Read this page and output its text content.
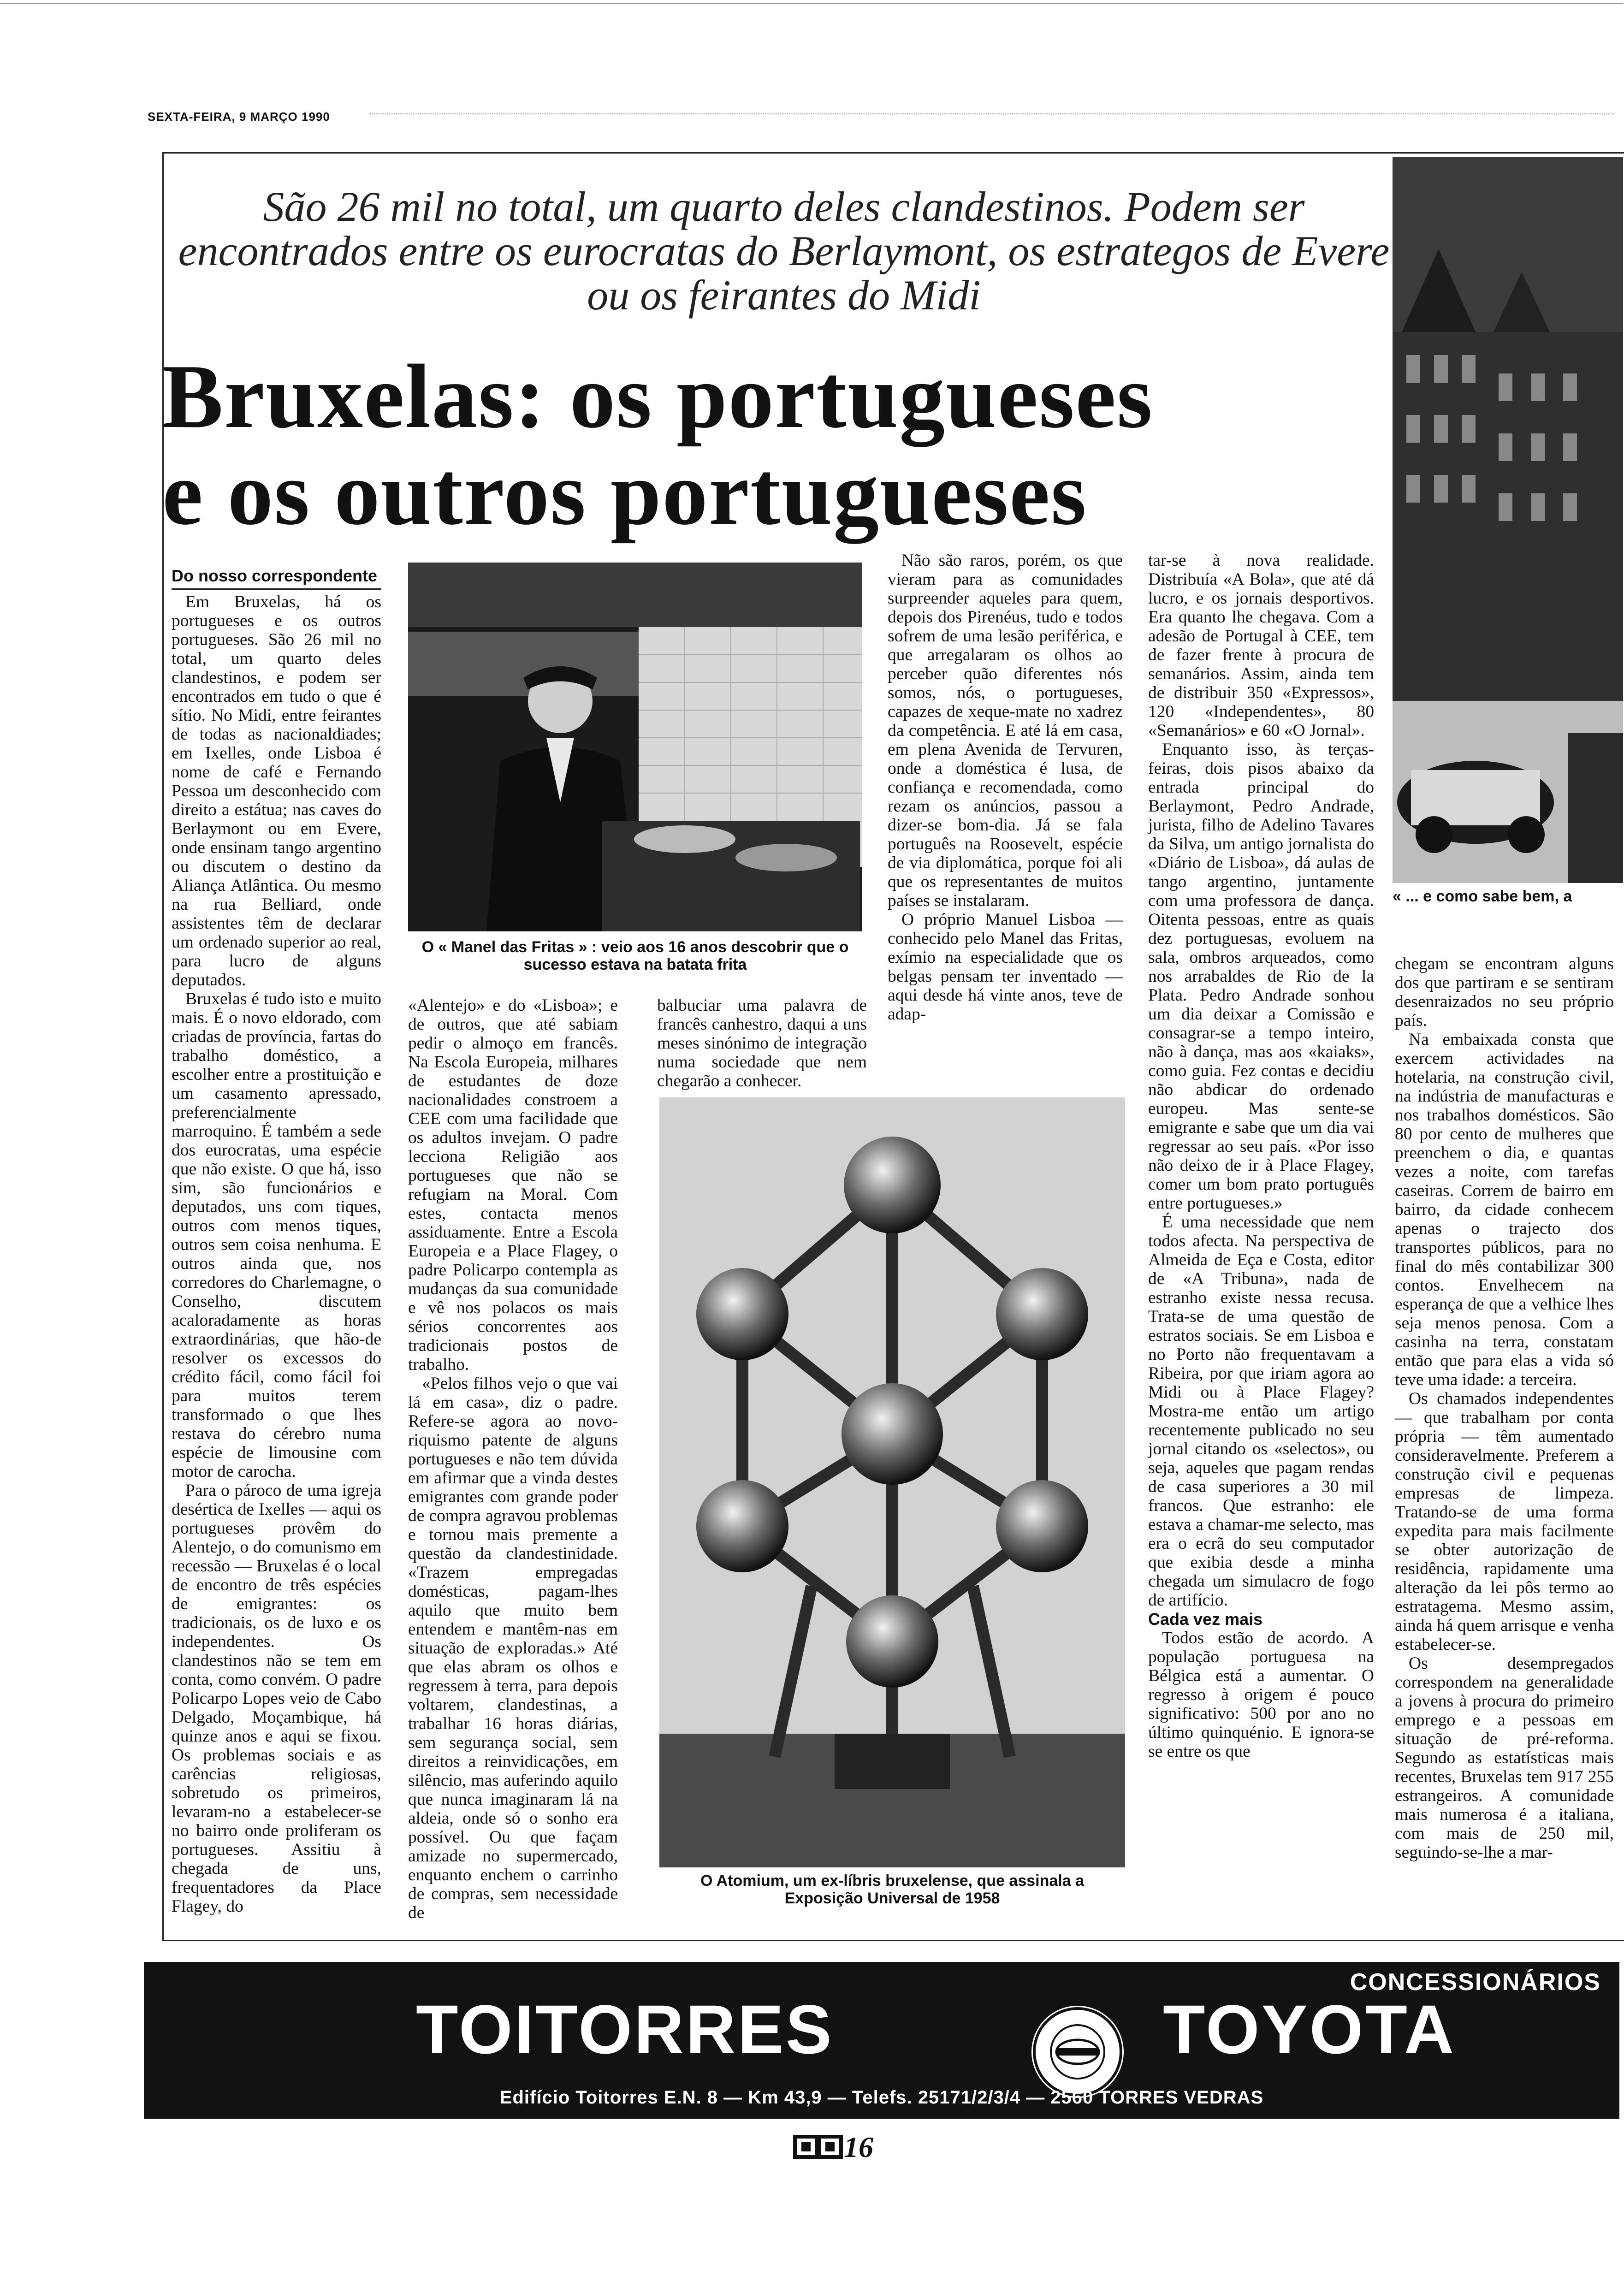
SEXTA-FEIRA, 9 MARÇO 1990
São 26 mil no total, um quarto deles clandestinos. Podem ser encontrados entre os eurocratas do Berlaymont, os estrategos de Evere ou os feirantes do Midi
Bruxelas: os portugueses
e os outros portugueses
« ... e como sabe bem, a
Do nosso correspondente

Em Bruxelas, há os portugueses e os outros portugueses. São 26 mil no total, um quarto deles clandestinos, e podem ser encontrados em tudo o que é sítio. No Midi, entre feirantes de todas as nacionaldiades; em Ixelles, onde Lisboa é nome de café e Fernando Pessoa um desconhecido com direito a estátua; nas caves do Berlaymont ou em Evere, onde ensinam tango argentino ou discutem o destino da Aliança Atlântica. Ou mesmo na rua Belliard, onde assistentes têm de declarar um ordenado superior ao real, para lucro de alguns deputados.

Bruxelas é tudo isto e muito mais. É o novo eldorado, com criadas de província, fartas do trabalho doméstico, a escolher entre a prostituição e um casamento apressado, preferencialmente marroquino. É também a sede dos eurocratas, uma espécie que não existe. O que há, isso sim, são funcionários e deputados, uns com tiques, outros com menos tiques, outros sem coisa nenhuma. E outros ainda que, nos corredores do Charlemagne, o Conselho, discutem acaloradamente as horas extraordinárias, que hão-de resolver os excessos do crédito fácil, como fácil foi para muitos terem transformado o que lhes restava do cérebro numa espécie de limousine com motor de carocha.

Para o pároco de uma igreja desértica de Ixelles — aqui os portugueses provêm do Alentejo, o do comunismo em recessão — Bruxelas é o local de encontro de três espécies de emigrantes: os tradicionais, os de luxo e os independentes. Os clandestinos não se tem em conta, como convém. O padre Policarpo Lopes veio de Cabo Delgado, Moçambique, há quinze anos e aqui se fixou. Os problemas sociais e as carências religiosas, sobretudo os primeiros, levaram-no a estabelecer-se no bairro onde proliferam os portugueses. Assitiu à chegada de uns, frequentadores da Place Flagey, do

O « Manel das Fritas » : veio aos 16 anos descobrir que o sucesso estava na batata frita

«Alentejo» e do «Lisboa»; e de outros, que até sabiam pedir o almoço em francês. Na Escola Europeia, milhares de estudantes de doze nacionalidades constroem a CEE com uma facilidade que os adultos invejam. O padre lecciona Religião aos portugueses que não se refugiam na Moral. Com estes, contacta menos assiduamente. Entre a Escola Europeia e a Place Flagey, o padre Policarpo contempla as mudanças da sua comunidade e vê nos polacos os mais sérios concorrentes aos tradicionais postos de trabalho.

«Pelos filhos vejo o que vai lá em casa», diz o padre. Refere-se agora ao novo-riquismo patente de alguns portugueses e não tem dúvida em afirmar que a vinda destes emigrantes com grande poder de compra agravou problemas e tornou mais premente a questão da clandestinidade. «Trazem empregadas domésticas, pagam-lhes aquilo que muito bem entendem e mantêm-nas em situação de exploradas.» Até que elas abram os olhos e regressem à terra, para depois voltarem, clandestinas, a trabalhar 16 horas diárias, sem segurança social, sem direitos a reinvidicações, em silêncio, mas auferindo aquilo que nunca imaginaram lá na aldeia, onde só o sonho era possível. Ou que façam amizade no supermercado, enquanto enchem o carrinho de compras, sem necessidade de

balbuciar uma palavra de francês canhestro, daqui a uns meses sinónimo de integração numa sociedade que nem chegarão a conhecer.

Não são raros, porém, os que vieram para as comunidades surpreender aqueles para quem, depois dos Pirenéus, tudo e todos sofrem de uma lesão periférica, e que arregalaram os olhos ao perceber quão diferentes nós somos, nós, o portugueses, capazes de xeque-mate no xadrez da competência. E até lá em casa, em plena Avenida de Tervuren, onde a doméstica é lusa, de confiança e recomendada, como rezam os anúncios, passou a dizer-se bom-dia. Já se fala português na Roosevelt, espécie de via diplomática, porque foi ali que os representantes de muitos países se instalaram.

O próprio Manuel Lisboa — conhecido pelo Manel das Fritas, exímio na especialidade que os belgas pensam ter inventado — aqui desde há vinte anos, teve de adap-

O Atomium, um ex-líbris bruxelense, que assinala a Exposição Universal de 1958

tar-se à nova realidade. Distribuía «A Bola», que até dá lucro, e os jornais desportivos. Era quanto lhe chegava. Com a adesão de Portugal à CEE, tem de fazer frente à procura de semanários. Assim, ainda tem de distribuir 350 «Expressos», 120 «Independentes», 80 «Semanários» e 60 «O Jornal».

Enquanto isso, às terças-feiras, dois pisos abaixo da entrada principal do Berlaymont, Pedro Andrade, jurista, filho de Adelino Tavares da Silva, um antigo jornalista do «Diário de Lisboa», dá aulas de tango argentino, juntamente com uma professora de dança. Oitenta pessoas, entre as quais dez portuguesas, evoluem na sala, ombros arqueados, como nos arrabaldes de Rio de la Plata. Pedro Andrade sonhou um dia deixar a Comissão e consagrar-se a tempo inteiro, não à dança, mas aos «kaiaks», como guia. Fez contas e decidiu não abdicar do ordenado europeu. Mas sente-se emigrante e sabe que um dia vai regressar ao seu país. «Por isso não deixo de ir à Place Flagey, comer um bom prato português entre portugueses.»

É uma necessidade que nem todos afecta. Na perspectiva de Almeida de Eça e Costa, editor de «A Tribuna», nada de estranho existe nessa recusa. Trata-se de uma questão de estratos sociais. Se em Lisboa e no Porto não frequentavam a Ribeira, por que iriam agora ao Midi ou à Place Flagey? Mostra-me então um artigo recentemente publicado no seu jornal citando os «selectos», ou seja, aqueles que pagam rendas de casa superiores a 30 mil francos. Que estranho: ele estava a chamar-me selecto, mas era o ecrã do seu computador que exibia desde a minha chegada um simulacro de fogo de artifício.

Cada vez mais

Todos estão de acordo. A população portuguesa na Bélgica está a aumentar. O regresso à origem é pouco significativo: 500 por ano no último quinquénio. E ignora-se se entre os que

chegam se encontram alguns dos que partiram e se sentiram desenraizados no seu próprio país.

Na embaixada consta que exercem actividades na hotelaria, na construção civil, na indústria de manufacturas e nos trabalhos domésticos. São 80 por cento de mulheres que preenchem o dia, e quantas vezes a noite, com tarefas caseiras. Correm de bairro em bairro, da cidade conhecem apenas o trajecto dos transportes públicos, para no final do mês contabilizar 300 contos. Envelhecem na esperança de que a velhice lhes seja menos penosa. Com a casinha na terra, constatam então que para elas a vida só teve uma idade: a terceira.

Os chamados independentes — que trabalham por conta própria — têm aumentado consideravelmente. Preferem a construção civil e pequenas empresas de limpeza. Tratando-se de uma forma expedita para mais facilmente se obter autorização de residência, rapidamente uma alteração da lei pôs termo ao estratagema. Mesmo assim, ainda há quem arrisque e venha estabelecer-se.

Os desempregados correspondem na generalidade a jovens à procura do primeiro emprego e a pessoas em situação de pré-reforma. Segundo as estatísticas mais recentes, Bruxelas tem 917 255 estrangeiros. A comunidade mais numerosa é a italiana, com mais de 250 mil, seguindo-se-lhe a mar-

CONCESSIONÁRIOS
TOITORRES	TOYOTA
Edifício Toitorres E.N. 8 — Km 43,9 — Telefs. 25171/2/3/4 — 2560 TORRES VEDRAS
16
